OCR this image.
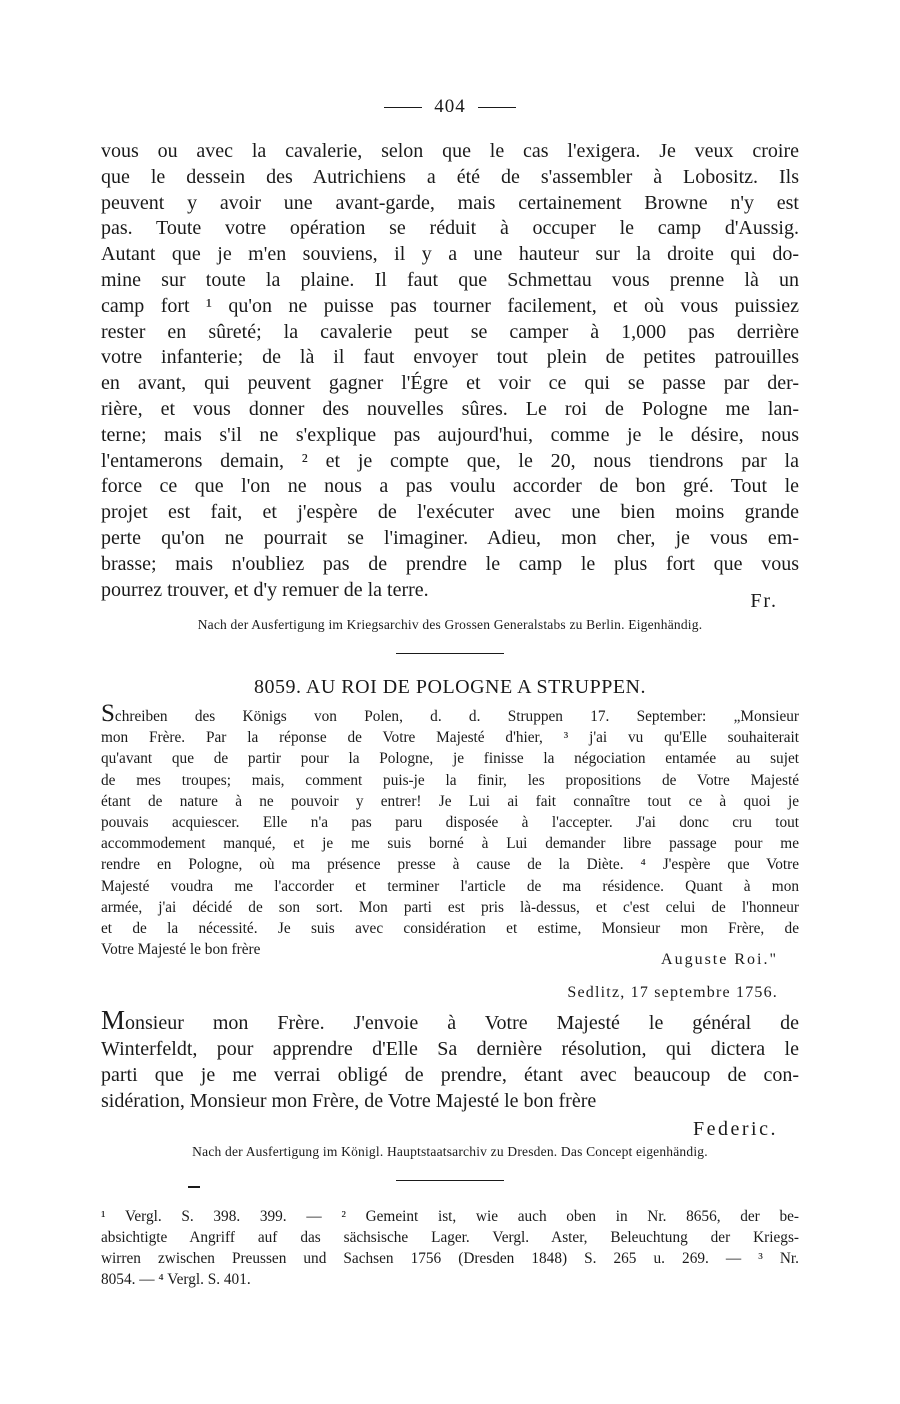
404
vous ou avec la cavalerie, selon que le cas l'exigera. Je veux croire
que le dessein des Autrichiens a été de s'assembler à Lobositz. Ils
peuvent y avoir une avant-garde, mais certainement Browne n'y est
pas. Toute votre opération se réduit à occuper le camp d'Aussig.
Autant que je m'en souviens, il y a une hauteur sur la droite qui do-
mine sur toute la plaine. Il faut que Schmettau vous prenne là un
camp fort ¹ qu'on ne puisse pas tourner facilement, et où vous puissiez
rester en sûreté; la cavalerie peut se camper à 1,000 pas derrière
votre infanterie; de là il faut envoyer tout plein de petites patrouilles
en avant, qui peuvent gagner l'Égre et voir ce qui se passe par der-
rière, et vous donner des nouvelles sûres. Le roi de Pologne me lan-
terne; mais s'il ne s'explique pas aujourd'hui, comme je le désire, nous
l'entamerons demain, ² et je compte que, le 20, nous tiendrons par la
force ce que l'on ne nous a pas voulu accorder de bon gré. Tout le
projet est fait, et j'espère de l'exécuter avec une bien moins grande
perte qu'on ne pourrait se l'imaginer. Adieu, mon cher, je vous em-
brasse; mais n'oubliez pas de prendre le camp le plus fort que vous
pourrez trouver, et d'y remuer de la terre.
Fr.
Nach der Ausfertigung im Kriegsarchiv des Grossen Generalstabs zu Berlin. Eigenhändig.
8059. AU ROI DE POLOGNE A STRUPPEN.
Schreiben des Königs von Polen, d. d. Struppen 17. September: „Monsieur
mon Frère. Par la réponse de Votre Majesté d'hier, ³ j'ai vu qu'Elle souhaiterait
qu'avant que de partir pour la Pologne, je finisse la négociation entamée au sujet
de mes troupes; mais, comment puis-je la finir, les propositions de Votre Majesté
étant de nature à ne pouvoir y entrer! Je Lui ai fait connaître tout ce à quoi je
pouvais acquiescer. Elle n'a pas paru disposée à l'accepter. J'ai donc cru tout
accommodement manqué, et je me suis borné à Lui demander libre passage pour me
rendre en Pologne, où ma présence presse à cause de la Diète. ⁴ J'espère que Votre
Majesté voudra me l'accorder et terminer l'article de ma résidence. Quant à mon
armée, j'ai décidé de son sort. Mon parti est pris là-dessus, et c'est celui de l'honneur
et de la nécessité. Je suis avec considération et estime, Monsieur mon Frère, de
Votre Majesté le bon frère
Auguste Roi."
Sedlitz, 17 septembre 1756.
Monsieur mon Frère. J'envoie à Votre Majesté le général de
Winterfeldt, pour apprendre d'Elle Sa dernière résolution, qui dictera le
parti que je me verrai obligé de prendre, étant avec beaucoup de con-
sidération, Monsieur mon Frère, de Votre Majesté le bon frère
Federic.
Nach der Ausfertigung im Königl. Hauptstaatsarchiv zu Dresden. Das Concept eigenhändig.
¹ Vergl. S. 398. 399. — ² Gemeint ist, wie auch oben in Nr. 8656, der be-
absichtigte Angriff auf das sächsische Lager. Vergl. Aster, Beleuchtung der Kriegs-
wirren zwischen Preussen und Sachsen 1756 (Dresden 1848) S. 265 u. 269. — ³ Nr.
8054. — ⁴ Vergl. S. 401.
